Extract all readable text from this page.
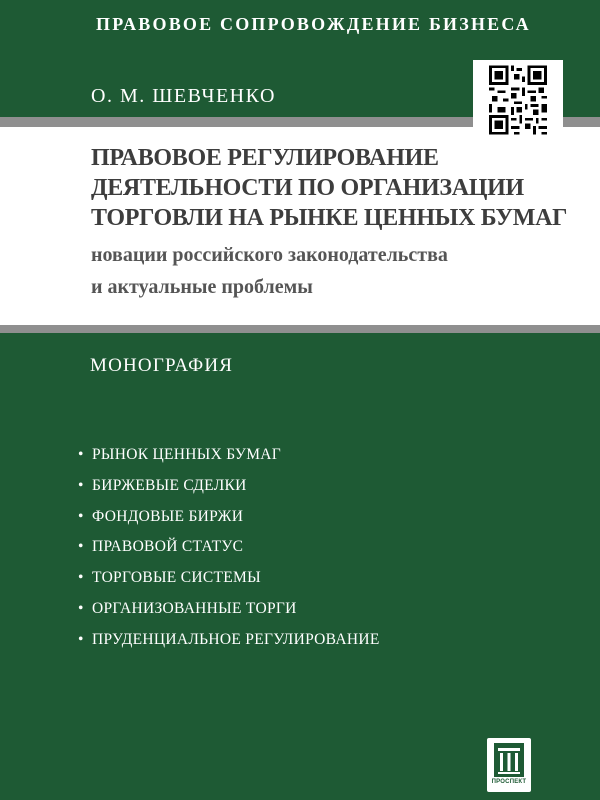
ПРАВОВОЕ СОПРОВОЖДЕНИЕ БИЗНЕСА
О. М. ШЕВЧЕНКО
ПРАВОВОЕ РЕГУЛИРОВАНИЕ
ДЕЯТЕЛЬНОСТИ ПО ОРГАНИЗАЦИИ
ТОРГОВЛИ НА РЫНКЕ ЦЕННЫХ БУМАГ
новации российского законодательства
и актуальные проблемы
МОНОГРАФИЯ
• РЫНОК ЦЕННЫХ БУМАГ
• БИРЖЕВЫЕ СДЕЛКИ
• ФОНДОВЫЕ БИРЖИ
• ПРАВОВОЙ СТАТУС
• ТОРГОВЫЕ СИСТЕМЫ
• ОРГАНИЗОВАННЫЕ ТОРГИ
• ПРУДЕНЦИАЛЬНОЕ РЕГУЛИРОВАНИЕ
ПРОСПЕКТ
